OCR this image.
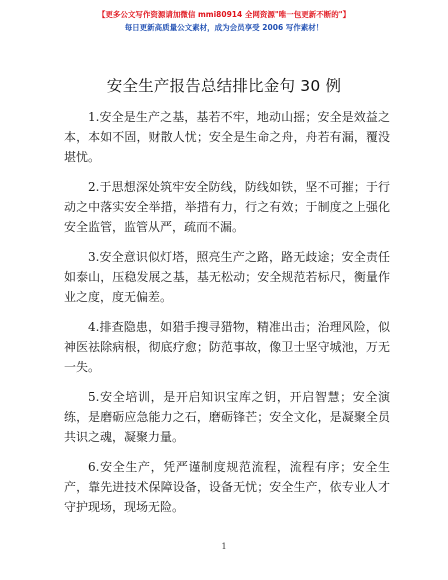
【更多公文写作资源请加微信 mmi80914 全网资源"唯一包更新不断的"】
每日更新高质量公文素材，成为会员享受 2006 写作素材！
安全生产报告总结排比金句 30 例

1.安全是生产之基，基若不牢，地动山摇；安全是效益之本，本如不固，财散人忧；安全是生命之舟，舟若有漏，覆没堪忧。

2.于思想深处筑牢安全防线，防线如铁，坚不可摧；于行动之中落实安全举措，举措有力，行之有效；于制度之上强化安全监管，监管从严，疏而不漏。

3.安全意识似灯塔，照亮生产之路，路无歧途；安全责任如泰山，压稳发展之基，基无松动；安全规范若标尺，衡量作业之度，度无偏差。

4.排查隐患，如猎手搜寻猎物，精准出击；治理风险，似神医祛除病根，彻底疗愈；防范事故，像卫士坚守城池，万无一失。

5.安全培训，是开启知识宝库之钥，开启智慧；安全演练，是磨砺应急能力之石，磨砺锋芒；安全文化，是凝聚全员共识之魂，凝聚力量。

6.安全生产，凭严谨制度规范流程，流程有序；安全生产，靠先进技术保障设备，设备无忧；安全生产，依专业人才守护现场，现场无险。

1
